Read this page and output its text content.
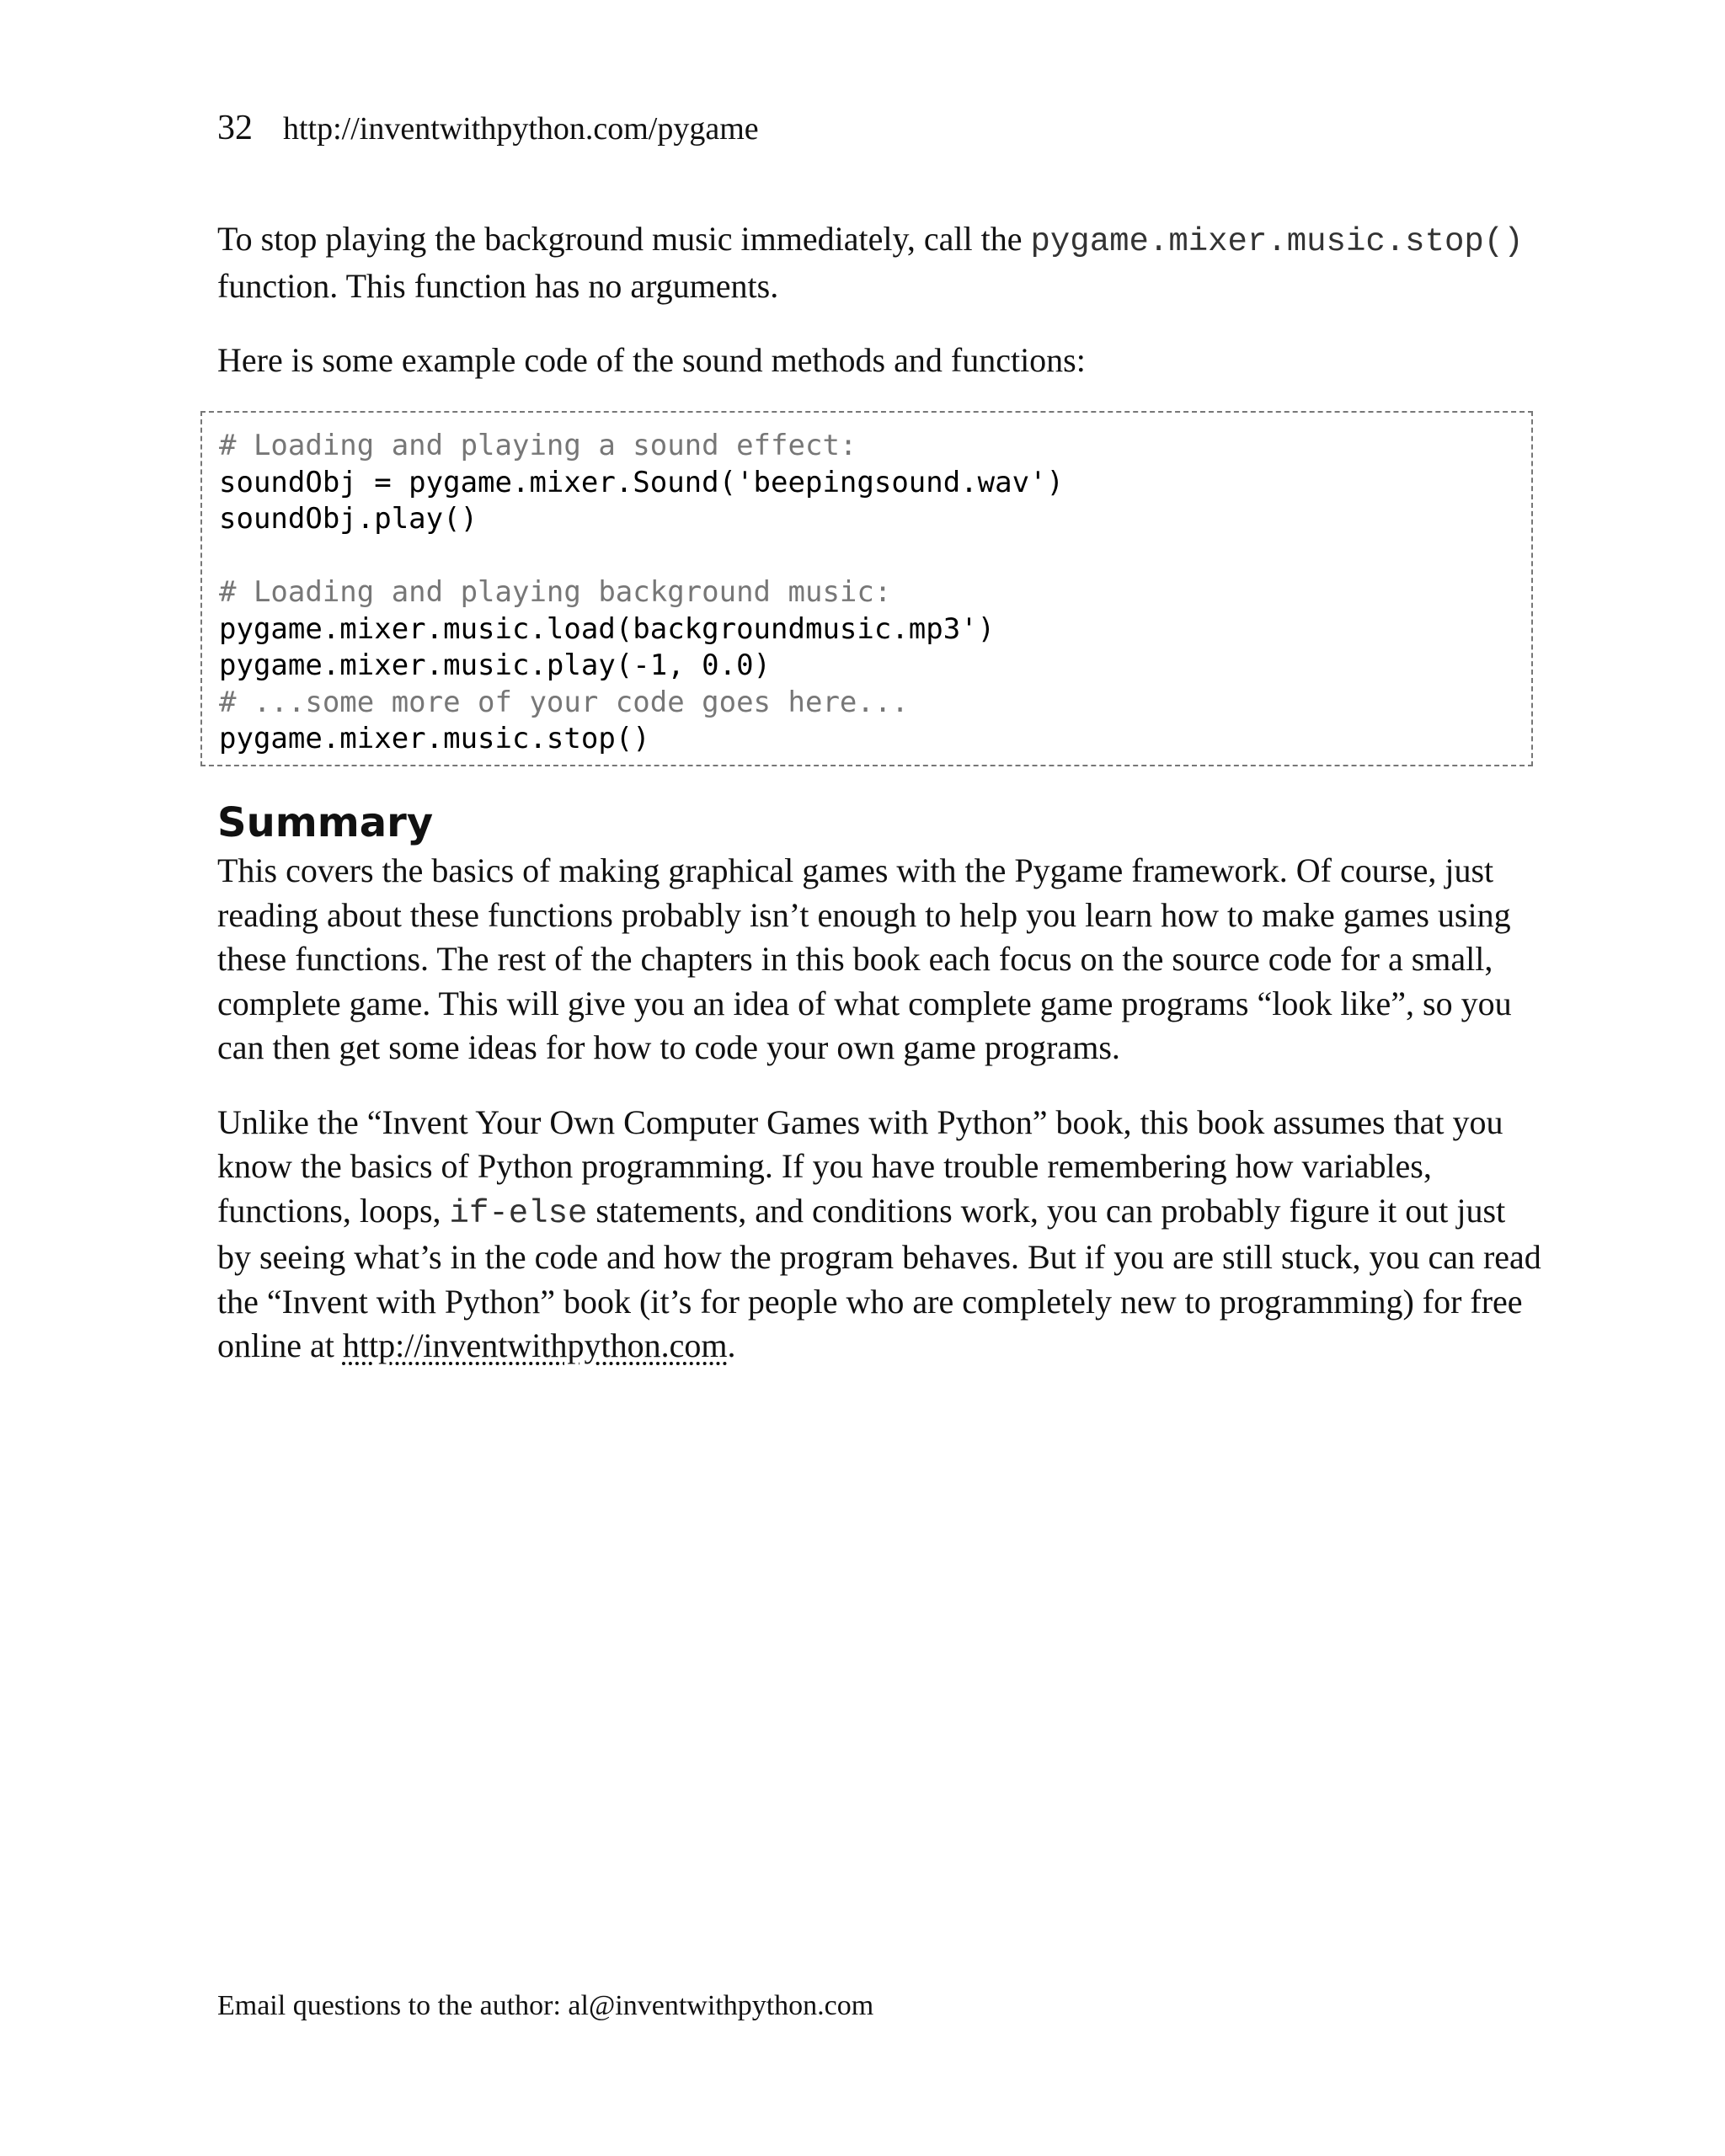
32 http://inventwithpython.com/pygame

To stop playing the background music immediately, call the pygame.mixer.music.stop()
function. This function has no arguments.

Here is some example code of the sound methods and functions:

# Loading and playing a sound effect:
soundObj = pygame.mixer.Sound('beepingsound.wav')
soundObj.play()
# Loading and playing background music:
pygame.mixer.music.load(backgroundmusic.mp3')
pygame.mixer.music.play(-1, 0.0)
# ...some more of your code goes here...
pygame.mixer.music.stop()
Summary

This covers the basics of making graphical games with the Pygame framework. Of course, just reading about these functions probably isn’t enough to help you learn how to make games using these functions. The rest of the chapters in this book each focus on the source code for a small, complete game. This will give you an idea of what complete game programs “look like”, so you can then get some ideas for how to code your own game programs.

Unlike the “Invent Your Own Computer Games with Python” book, this book assumes that you know the basics of Python programming. If you have trouble remembering how variables, functions, loops, if-else statements, and conditions work, you can probably figure it out just by seeing what’s in the code and how the program behaves. But if you are still stuck, you can read the “Invent with Python” book (it’s for people who are completely new to programming) for free online at http://inventwithpython.com.

Email questions to the author: al@inventwithpython.com
